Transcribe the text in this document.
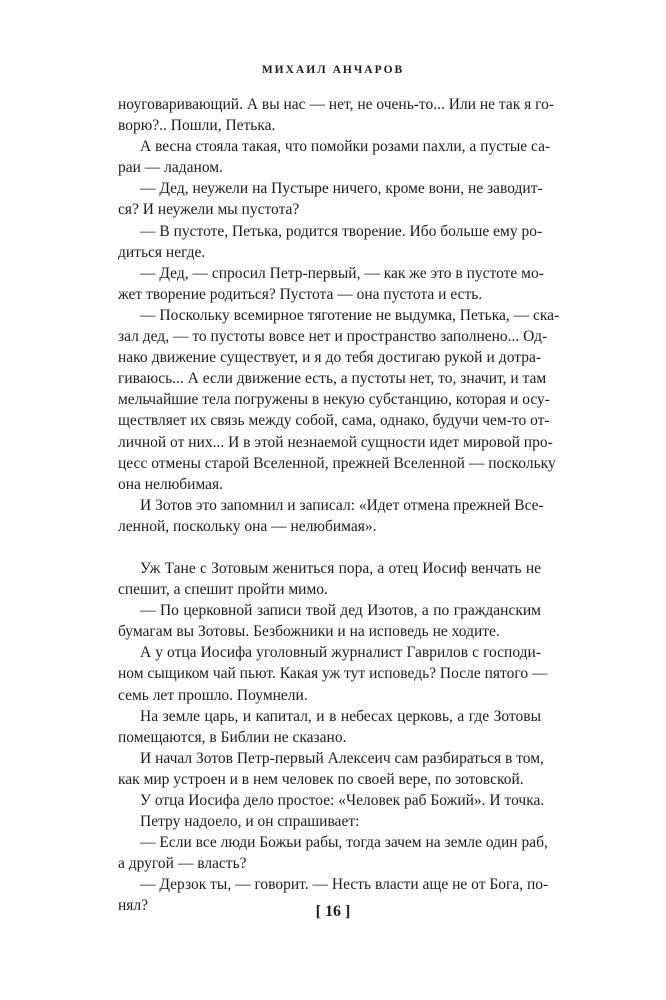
МИХАИЛ АНЧАРОВ

ноуговаривающий. А вы нас — нет, не очень-то... Или не так я го-

ворю?.. Пошли, Петька.

А весна стояла такая, что помойки розами пахли, а пустые са-

раи — ладаном.

— Дед, неужели на Пустыре ничего, кроме вони, не заводит-

ся? И неужели мы пустота?

— В пустоте, Петька, родится творение. Ибо больше ему ро-

диться негде.

— Дед, — спросил Петр-первый, — как же это в пустоте мо-

жет творение родиться? Пустота — она пустота и есть.

— Поскольку всемирное тяготение не выдумка, Петька, — ска-

зал дед, — то пустоты вовсе нет и пространство заполнено... Од-

нако движение существует, и я до тебя достигаю рукой и дотра-

гиваюсь... А если движение есть, а пустоты нет, то, значит, и там

мельчайшие тела погружены в некую субстанцию, которая и осу-

ществляет их связь между собой, сама, однако, будучи чем-то от-

личной от них... И в этой незнаемой сущности идет мировой про-

цесс отмены старой Вселенной, прежней Вселенной — поскольку

она нелюбимая.

И Зотов это запомнил и записал: «Идет отмена прежней Все-

ленной, поскольку она — нелюбимая».

Уж Тане с Зотовым жениться пора, а отец Иосиф венчать не

спешит, а спешит пройти мимо.

— По церковной записи твой дед Изотов, а по гражданским

бумагам вы Зотовы. Безбожники и на исповедь не ходите.

А у отца Иосифа уголовный журналист Гаврилов с господи-

ном сыщиком чай пьют. Какая уж тут исповедь? После пятого —

семь лет прошло. Поумнели.

На земле царь, и капитал, и в небесах церковь, а где Зотовы

помещаются, в Библии не сказано.

И начал Зотов Петр-первый Алексеич сам разбираться в том,

как мир устроен и в нем человек по своей вере, по зотовской.

У отца Иосифа дело простое: «Человек раб Божий». И точка.

Петру надоело, и он спрашивает:

— Если все люди Божьи рабы, тогда зачем на земле один раб,

а другой — власть?

— Дерзок ты, — говорит. — Несть власти аще не от Бога, по-

нял?	[ 16 ]
